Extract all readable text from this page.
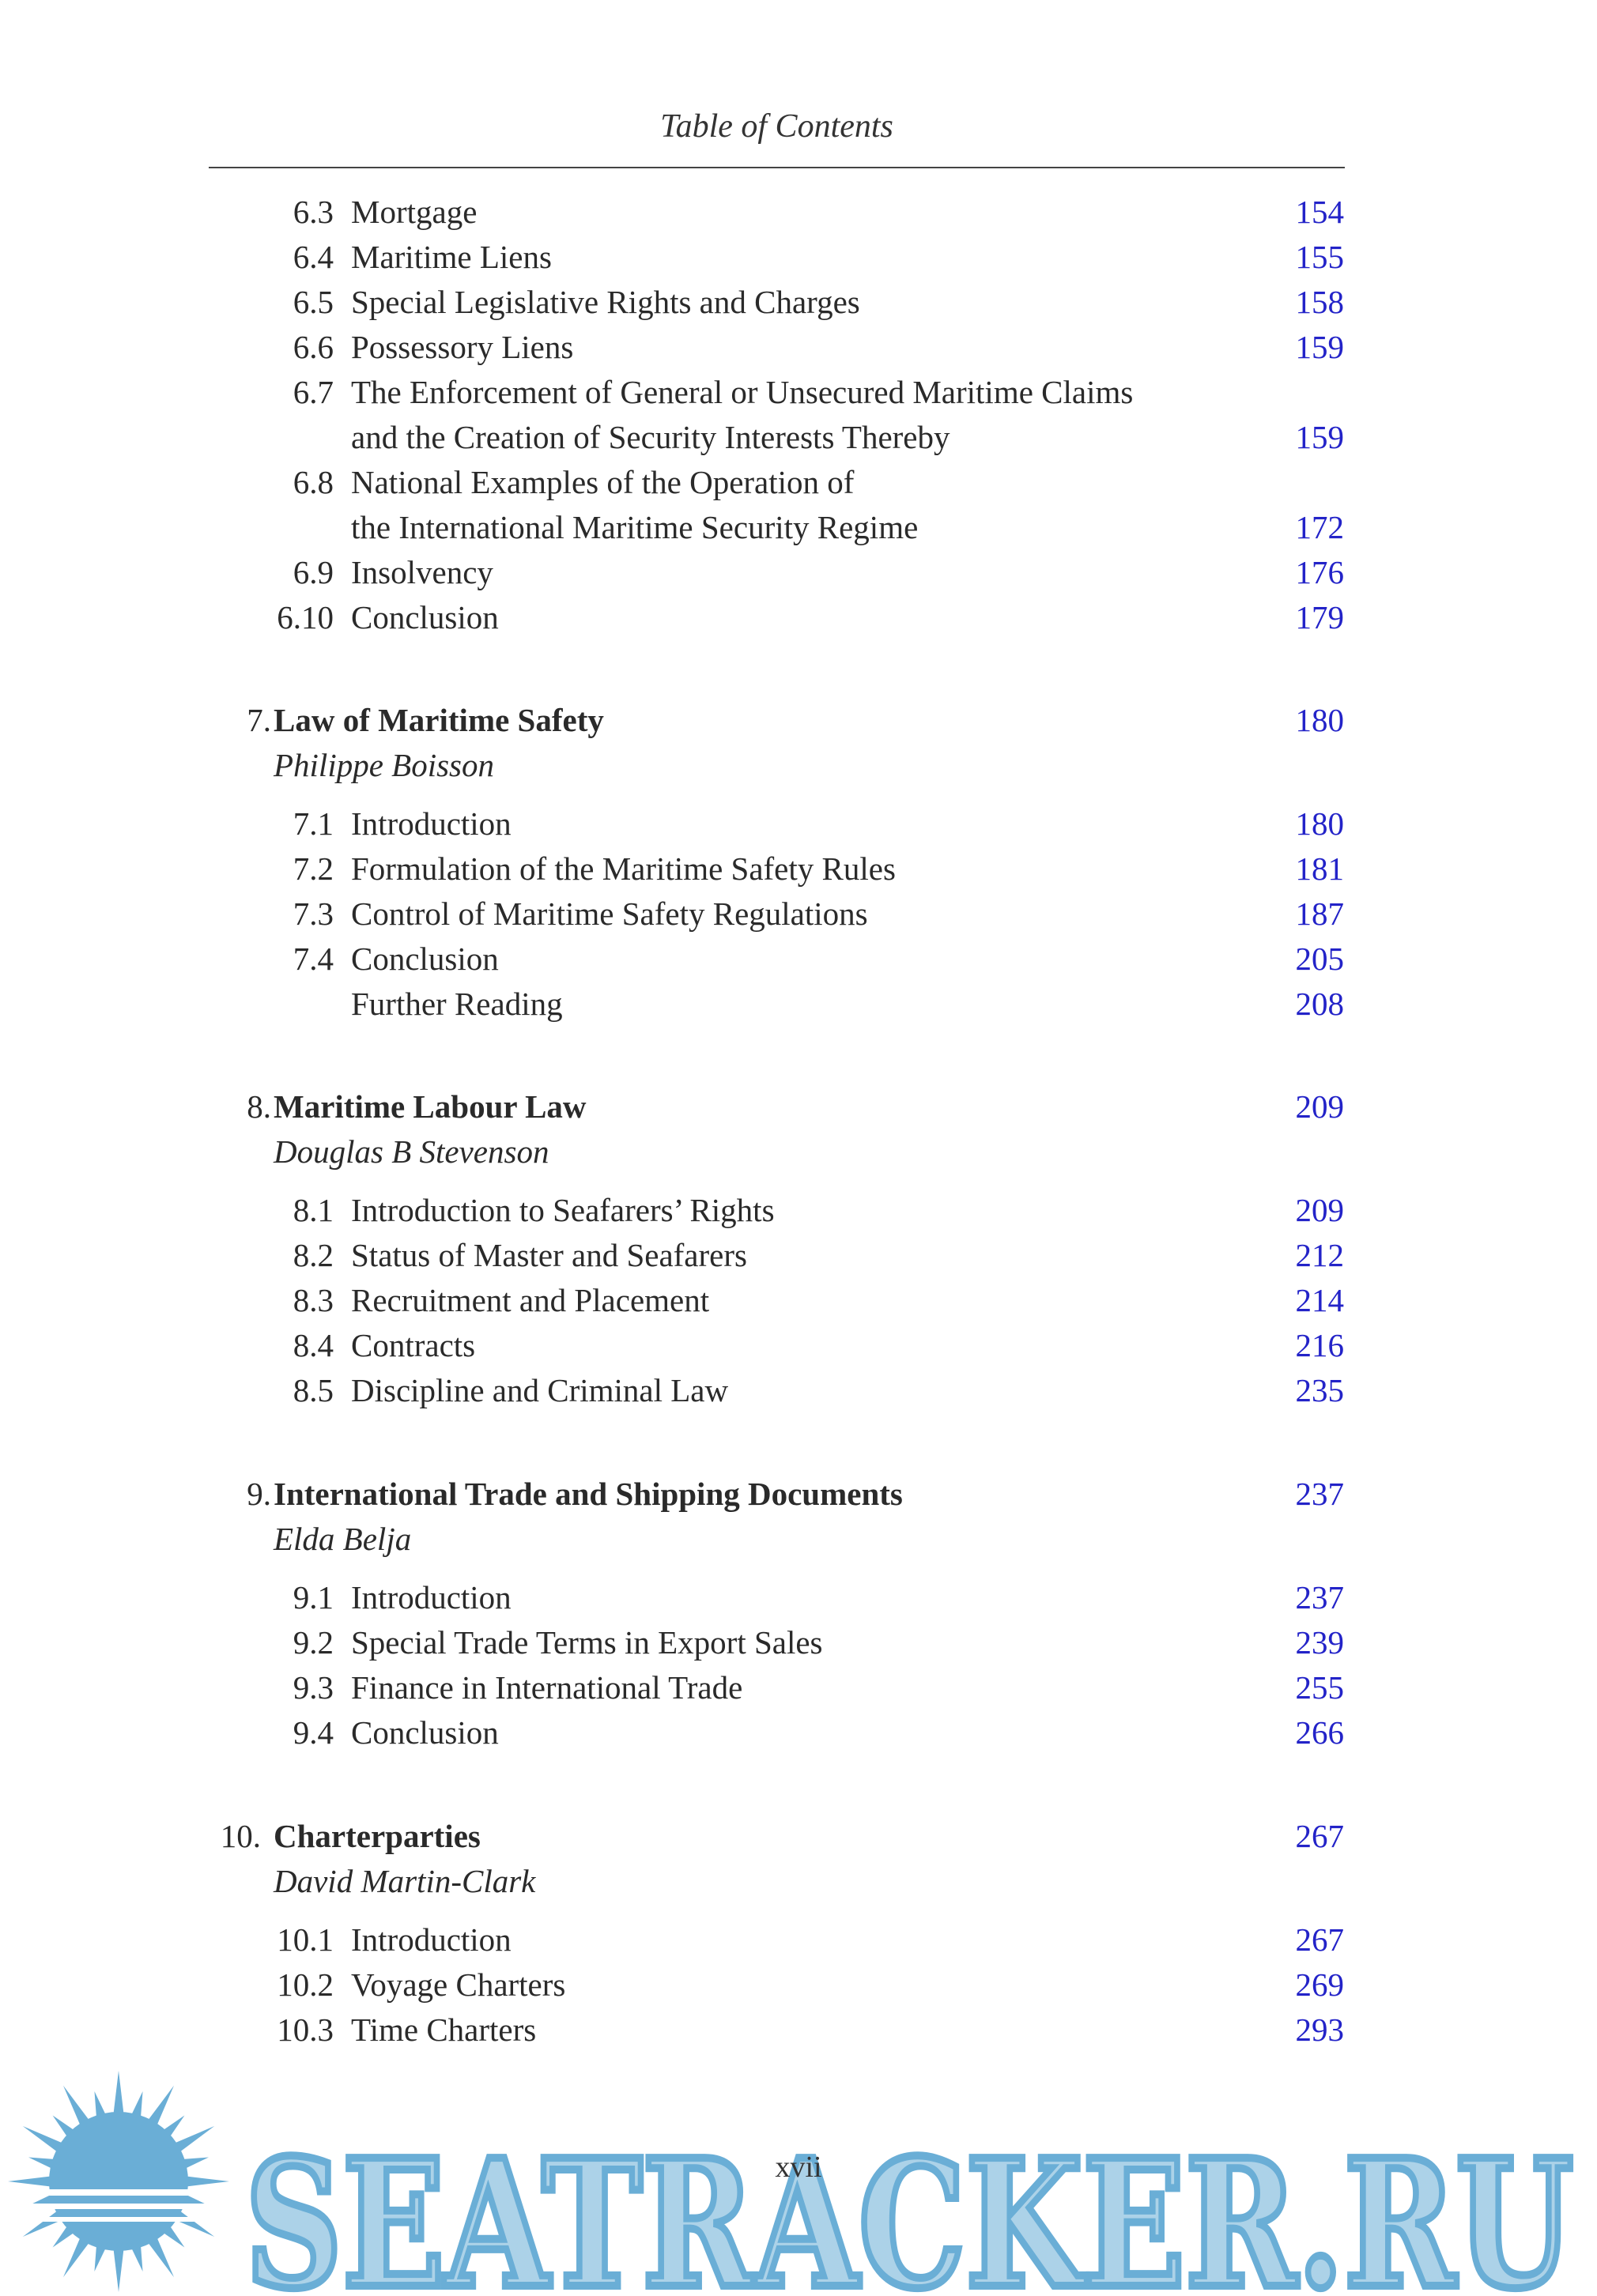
Table of Contents
6.3 Mortgage	154
6.4 Maritime Liens	155
6.5 Special Legislative Rights and Charges	158
6.6 Possessory Liens	159
6.7 The Enforcement of General or Unsecured Maritime Claims
and the Creation of Security Interests Thereby	159
6.8 National Examples of the Operation of
the International Maritime Security Regime	172
6.9 Insolvency	176
6.10 Conclusion	179
7. Law of Maritime Safety	180
Philippe Boisson
7.1 Introduction	180
7.2 Formulation of the Maritime Safety Rules	181
7.3 Control of Maritime Safety Regulations	187
7.4 Conclusion	205
Further Reading	208
8. Maritime Labour Law	209
Douglas B Stevenson
8.1 Introduction to Seafarers’ Rights	209
8.2 Status of Master and Seafarers	212
8.3 Recruitment and Placement	214
8.4 Contracts	216
8.5 Discipline and Criminal Law	235
9. International Trade and Shipping Documents	237
Elda Belja
9.1 Introduction	237
9.2 Special Trade Terms in Export Sales	239
9.3 Finance in International Trade	255
9.4 Conclusion	266
10. Charterparties	267
David Martin-Clark
10.1 Introduction	267
10.2 Voyage Charters	269
10.3 Time Charters	293
SEATRACKER.RU
SEATRACKER.RU
xvii
